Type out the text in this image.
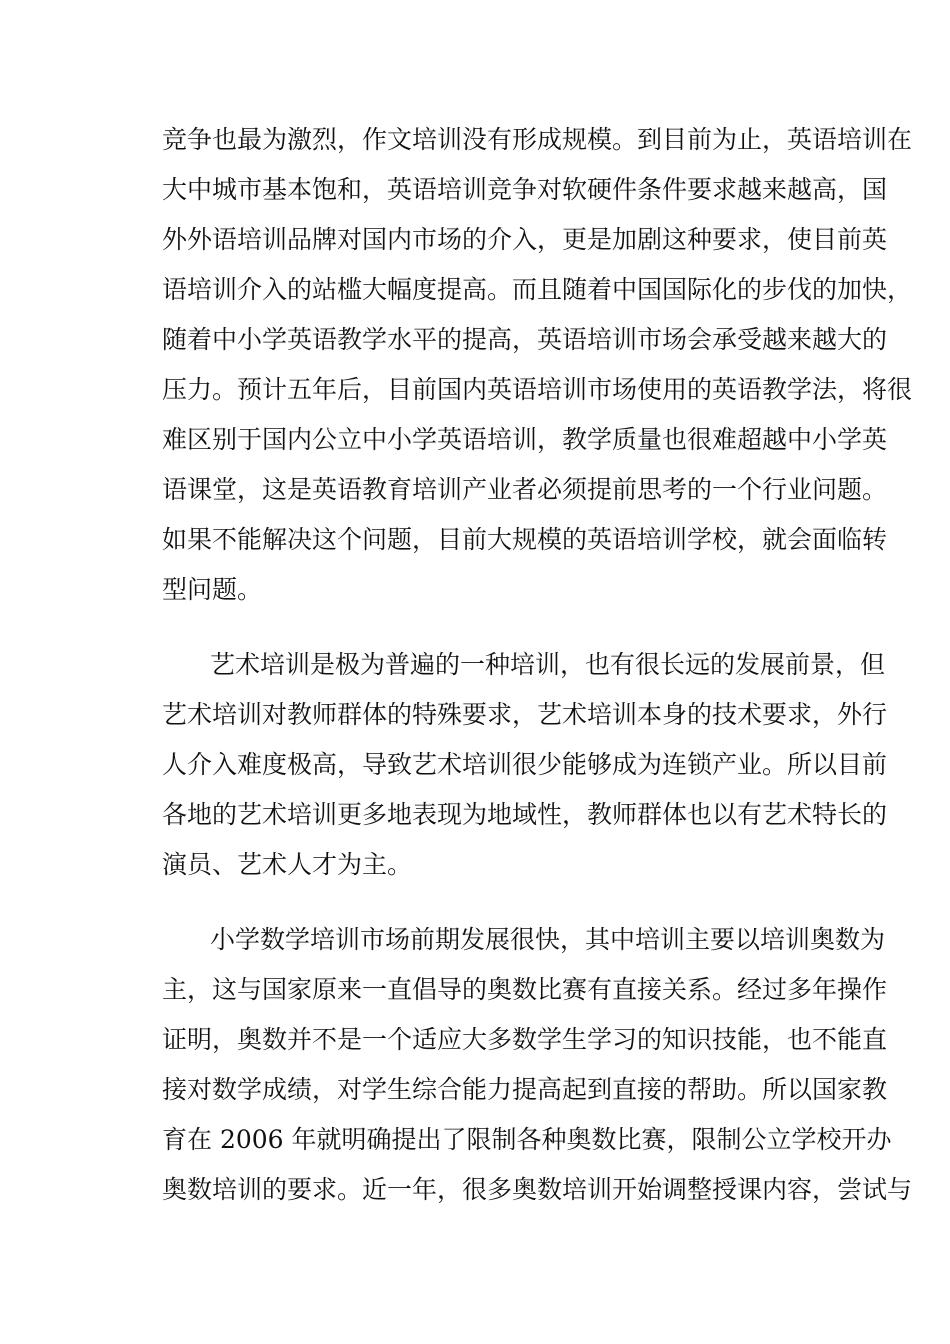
竞争也最为激烈，作文培训没有形成规模。到目前为止，英语培训在
大中城市基本饱和，英语培训竞争对软硬件条件要求越来越高，国
外外语培训品牌对国内市场的介入，更是加剧这种要求，使目前英
语培训介入的站槛大幅度提高。而且随着中国国际化的步伐的加快，
随着中小学英语教学水平的提高，英语培训市场会承受越来越大的
压力。预计五年后，目前国内英语培训市场使用的英语教学法，将很
难区别于国内公立中小学英语培训，教学质量也很难超越中小学英
语课堂，这是英语教育培训产业者必须提前思考的一个行业问题。
如果不能解决这个问题，目前大规模的英语培训学校，就会面临转
型问题。
艺术培训是极为普遍的一种培训，也有很长远的发展前景，但
艺术培训对教师群体的特殊要求，艺术培训本身的技术要求，外行
人介入难度极高，导致艺术培训很少能够成为连锁产业。所以目前
各地的艺术培训更多地表现为地域性，教师群体也以有艺术特长的
演员、艺术人才为主。
小学数学培训市场前期发展很快，其中培训主要以培训奥数为
主，这与国家原来一直倡导的奥数比赛有直接关系。经过多年操作
证明，奥数并不是一个适应大多数学生学习的知识技能，也不能直
接对数学成绩，对学生综合能力提高起到直接的帮助。所以国家教
育在 2006 年就明确提出了限制各种奥数比赛，限制公立学校开办
奥数培训的要求。近一年，很多奥数培训开始调整授课内容，尝试与
